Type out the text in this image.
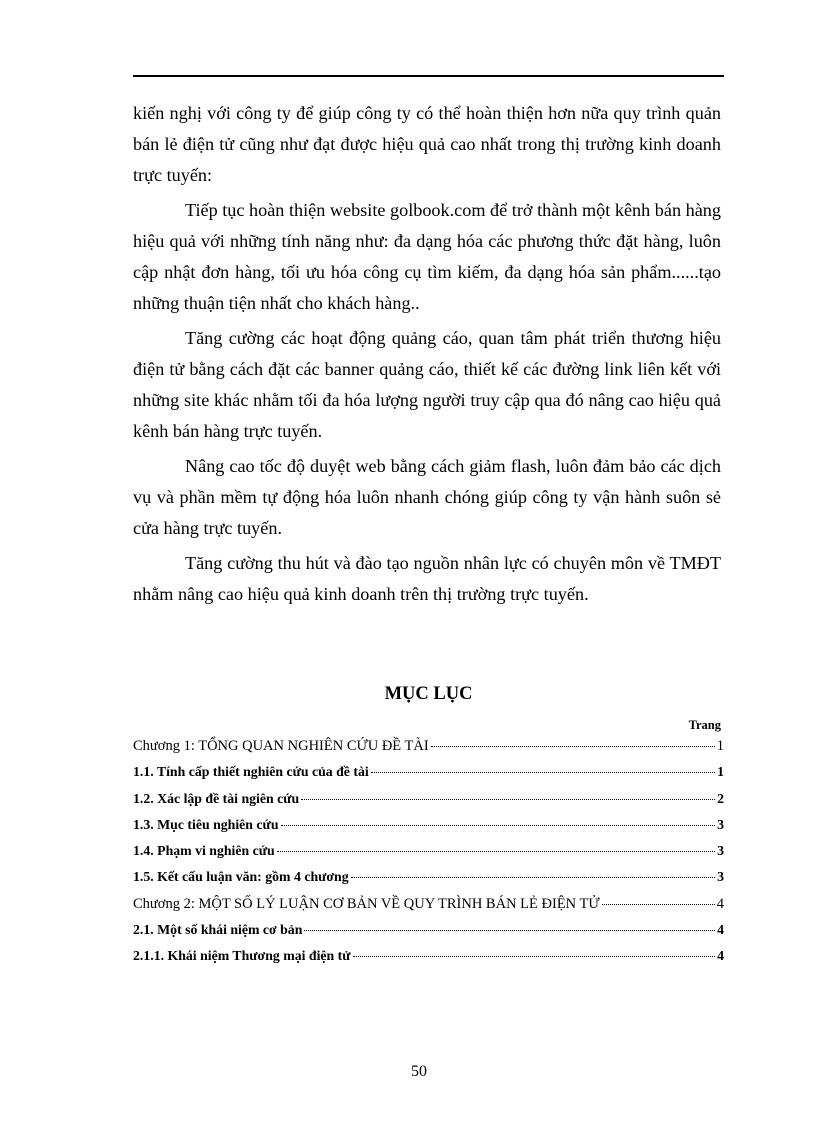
kiến nghị với công ty để giúp công ty có thể hoàn thiện hơn nữa quy trình quản bán lẻ điện tử cũng như đạt được hiệu quả cao nhất trong thị trường kinh doanh trực tuyến:

Tiếp tục hoàn thiện website golbook.com để trở thành một kênh bán hàng hiệu quả với những tính năng như: đa dạng hóa các phương thức đặt hàng, luôn cập nhật đơn hàng, tối ưu hóa công cụ tìm kiếm, đa dạng hóa sản phẩm......tạo những thuận tiện nhất cho khách hàng..

Tăng cường các hoạt động quảng cáo, quan tâm phát triển thương hiệu điện tử bằng cách đặt các banner quảng cáo, thiết kế các đường link liên kết với những site khác nhằm tối đa hóa lượng người truy cập qua đó nâng cao hiệu quả kênh bán hàng trực tuyến.

Nâng cao tốc độ duyệt web bằng cách giảm flash, luôn đảm bảo các dịch vụ và phần mềm tự động hóa luôn nhanh chóng giúp công ty vận hành suôn sẻ cửa hàng trực tuyến.

Tăng cường thu hút và đào tạo nguồn nhân lực có chuyên môn về TMĐT nhằm nâng cao hiệu quả kinh doanh trên thị trường trực tuyến.

MỤC LỤC
Trang
Chương 1: TỔNG QUAN NGHIÊN CỨU ĐỀ TÀI	1
1.1. Tính cấp thiết nghiên cứu của đề tài	1
1.2. Xác lập đề tài ngiên cứu	2
1.3. Mục tiêu nghiên cứu	3
1.4. Phạm vi nghiên cứu	3
1.5. Kết cấu luận văn: gồm 4 chương	3
Chương 2: MỘT SỐ LÝ LUẬN CƠ BẢN VỀ QUY TRÌNH BÁN LẺ ĐIỆN TỬ	4
2.1. Một số khái niệm cơ bản	4
2.1.1. Khái niệm Thương mại điện tử	4
50
